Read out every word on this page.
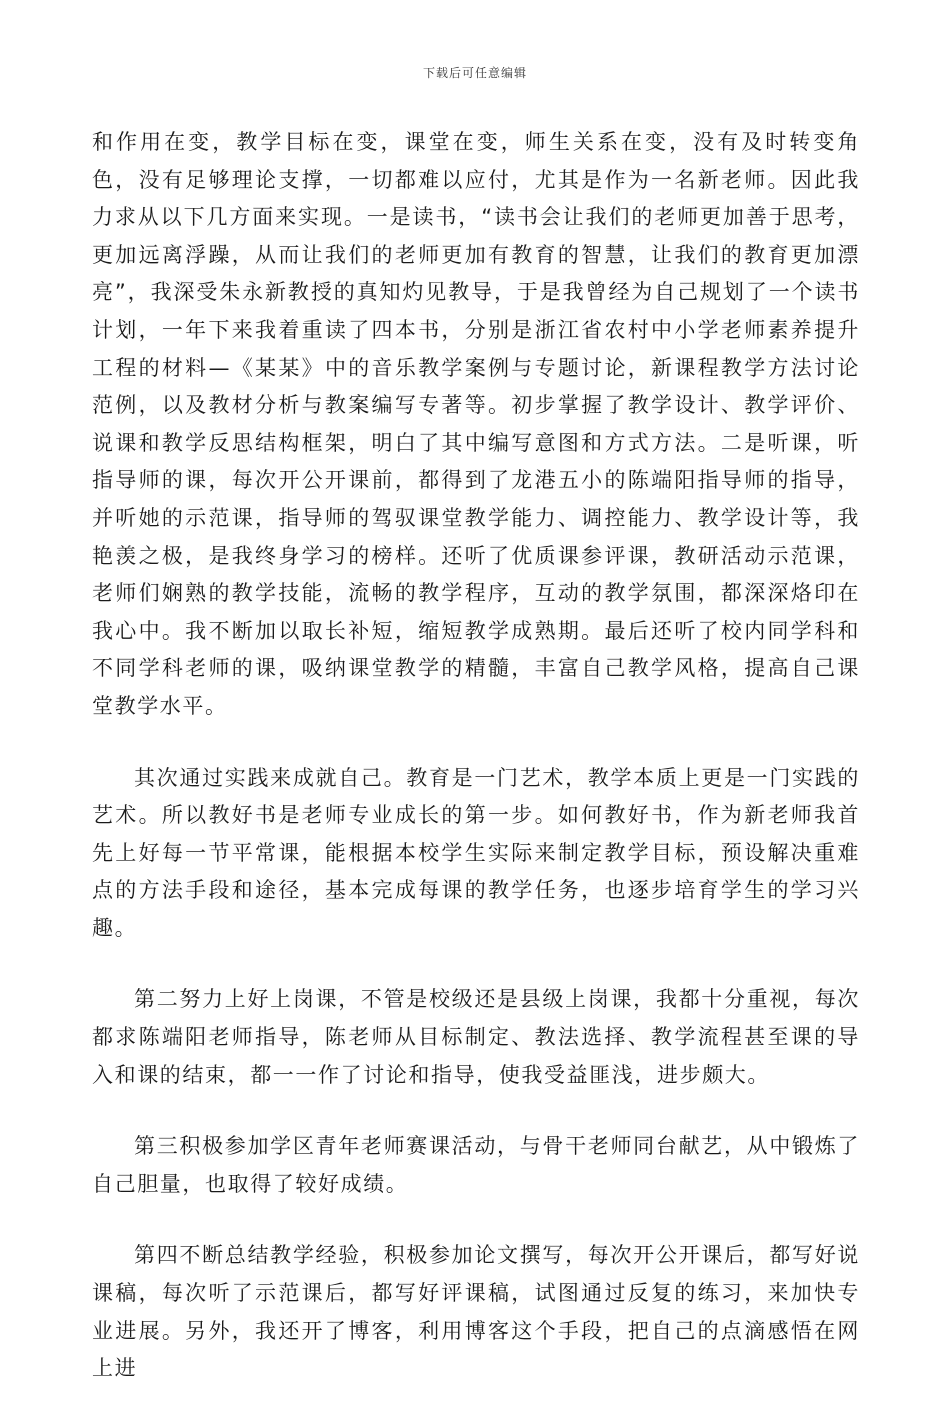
下载后可任意编辑

和作用在变，教学目标在变，课堂在变，师生关系在变，没有及时转变角色，没有足够理论支撑，一切都难以应付，尤其是作为一名新老师。因此我力求从以下几方面来实现。一是读书，“读书会让我们的老师更加善于思考，更加远离浮躁，从而让我们的老师更加有教育的智慧，让我们的教育更加漂亮”，我深受朱永新教授的真知灼见教导，于是我曾经为自己规划了一个读书计划，一年下来我着重读了四本书，分别是浙江省农村中小学老师素养提升工程的材料—《某某》中的音乐教学案例与专题讨论，新课程教学方法讨论范例，以及教材分析与教案编写专著等。初步掌握了教学设计、教学评价、说课和教学反思结构框架，明白了其中编写意图和方式方法。二是听课，听指导师的课，每次开公开课前，都得到了龙港五小的陈端阳指导师的指导，并听她的示范课，指导师的驾驭课堂教学能力、调控能力、教学设计等，我艳羡之极，是我终身学习的榜样。还听了优质课参评课，教研活动示范课，老师们娴熟的教学技能，流畅的教学程序，互动的教学氛围，都深深烙印在我心中。我不断加以取长补短，缩短教学成熟期。最后还听了校内同学科和不同学科老师的课，吸纳课堂教学的精髓，丰富自己教学风格，提高自己课堂教学水平。

其次通过实践来成就自己。教育是一门艺术，教学本质上更是一门实践的艺术。所以教好书是老师专业成长的第一步。如何教好书，作为新老师我首先上好每一节平常课，能根据本校学生实际来制定教学目标，预设解决重难点的方法手段和途径，基本完成每课的教学任务，也逐步培育学生的学习兴趣。

第二努力上好上岗课，不管是校级还是县级上岗课，我都十分重视，每次都求陈端阳老师指导，陈老师从目标制定、教法选择、教学流程甚至课的导入和课的结束，都一一作了讨论和指导，使我受益匪浅，进步颇大。

第三积极参加学区青年老师赛课活动，与骨干老师同台献艺，从中锻炼了自己胆量，也取得了较好成绩。

第四不断总结教学经验，积极参加论文撰写，每次开公开课后，都写好说课稿，每次听了示范课后，都写好评课稿，试图通过反复的练习，来加快专业进展。另外，我还开了博客，利用博客这个手段，把自己的点滴感悟在网上进
